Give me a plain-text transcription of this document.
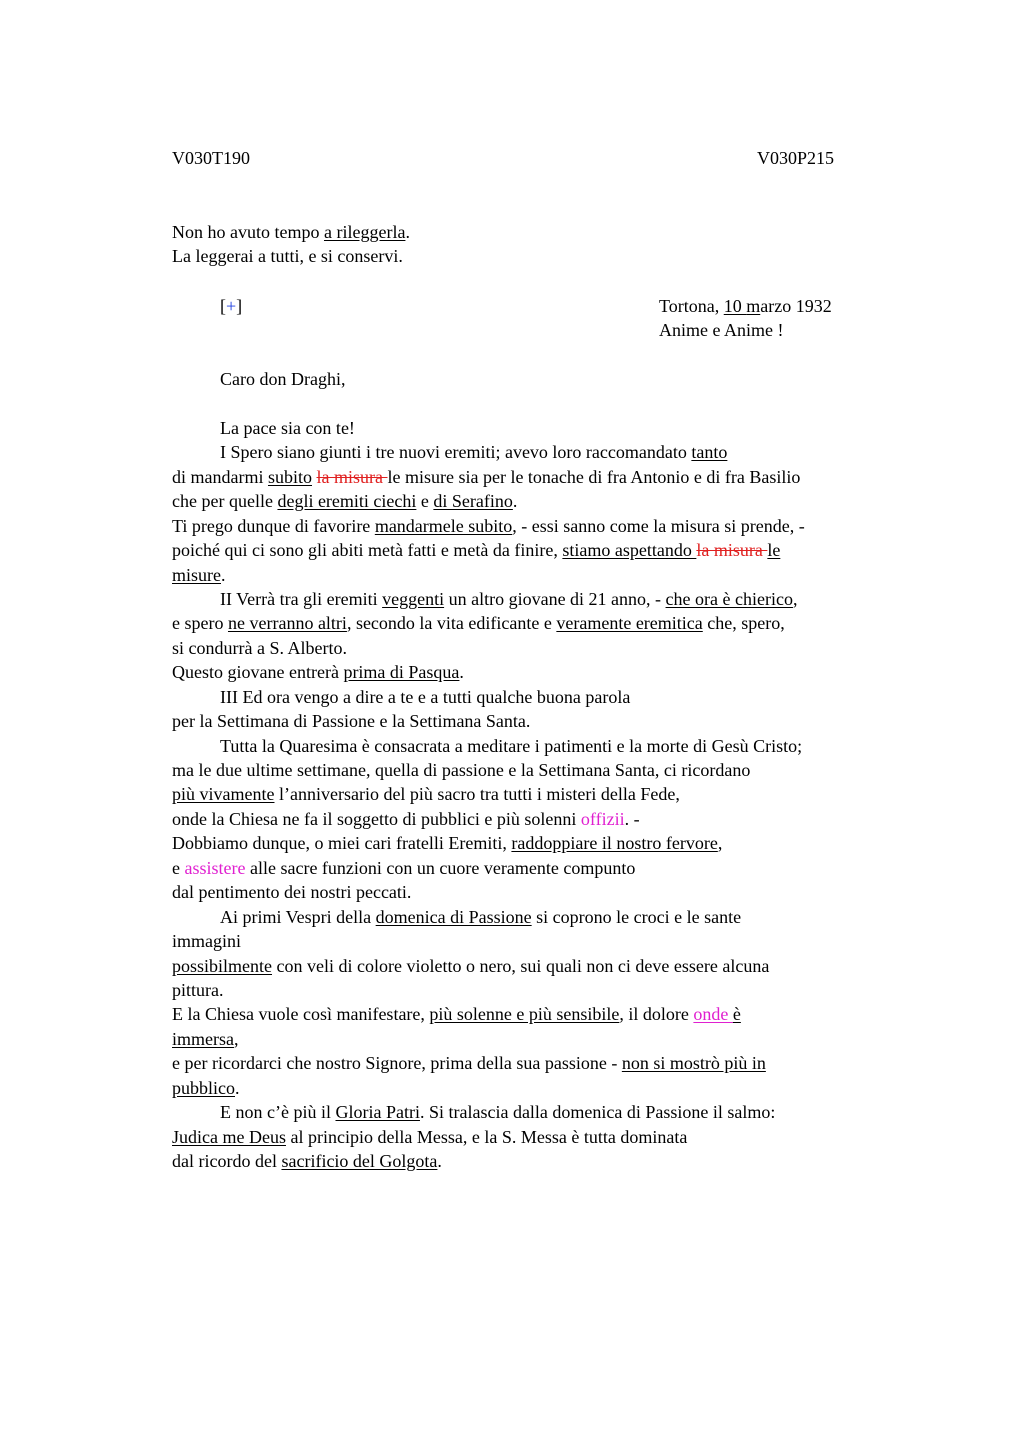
V030T190	V030P215
Non ho avuto tempo a rileggerla.
La leggerai a tutti, e si conservi.
[+]	Tortona, 10 marzo 1932
Anime e Anime !
Caro don Draghi,
La pace sia con te!
I Spero siano giunti i tre nuovi eremiti; avevo loro raccomandato tanto
di mandarmi subito la misura le misure sia per le tonache di fra Antonio e di fra Basilio
che per quelle degli eremiti ciechi e di Serafino.
Ti prego dunque di favorire mandarmele subito, - essi sanno come la misura si prende, -
poiché qui ci sono gli abiti metà fatti e metà da finire, stiamo aspettando la misura le
misure.
II Verrà tra gli eremiti veggenti un altro giovane di 21 anno, - che ora è chierico,
e spero ne verranno altri, secondo la vita edificante e veramente eremitica che, spero,
si condurrà a S. Alberto.
Questo giovane entrerà prima di Pasqua.
III Ed ora vengo a dire a te e a tutti qualche buona parola
per la Settimana di Passione e la Settimana Santa.
Tutta la Quaresima è consacrata a meditare i patimenti e la morte di Gesù Cristo;
ma le due ultime settimane, quella di passione e la Settimana Santa, ci ricordano
più vivamente l’anniversario del più sacro tra tutti i misteri della Fede,
onde la Chiesa ne fa il soggetto di pubblici e più solenni offizii. -
Dobbiamo dunque, o miei cari fratelli Eremiti, raddoppiare il nostro fervore,
e assistere alle sacre funzioni con un cuore veramente compunto
dal pentimento dei nostri peccati.
Ai primi Vespri della domenica di Passione si coprono le croci e le sante
immagini
possibilmente con veli di colore violetto o nero, sui quali non ci deve essere alcuna
pittura.
E la Chiesa vuole così manifestare, più solenne e più sensibile, il dolore onde è
immersa,
e per ricordarci che nostro Signore, prima della sua passione - non si mostrò più in
pubblico.
E non c’è più il Gloria Patri. Si tralascia dalla domenica di Passione il salmo:
Judica me Deus al principio della Messa, e la S. Messa è tutta dominata
dal ricordo del sacrificio del Golgota.
